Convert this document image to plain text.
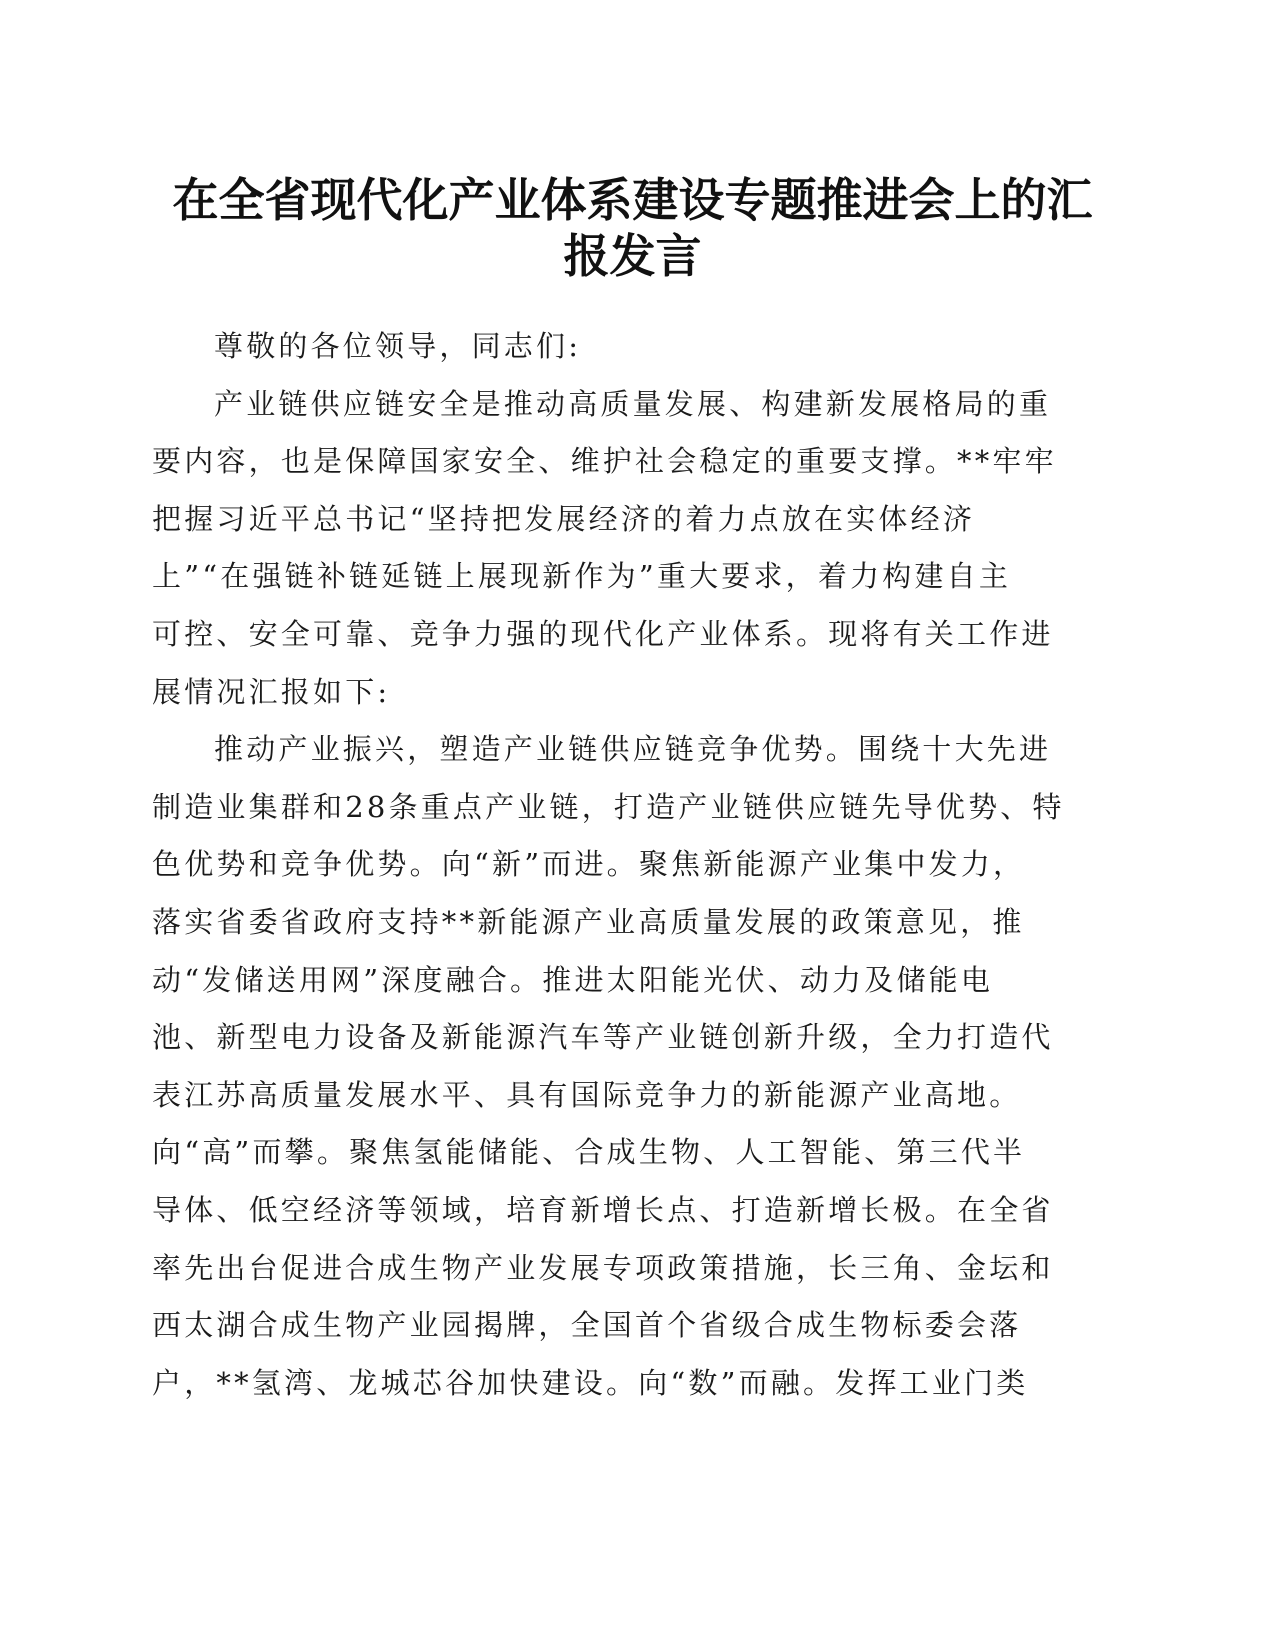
在全省现代化产业体系建设专题推进会上的汇
报发言
尊敬的各位领导，同志们:
产业链供应链安全是推动高质量发展、构建新发展格局的重
要内容，也是保障国家安全、维护社会稳定的重要支撑。**牢牢
把握习近平总书记“坚持把发展经济的着力点放在实体经济
上”“在强链补链延链上展现新作为”重大要求，着力构建自主
可控、安全可靠、竞争力强的现代化产业体系。现将有关工作进
展情况汇报如下:
推动产业振兴，塑造产业链供应链竞争优势。围绕十大先进
制造业集群和28条重点产业链，打造产业链供应链先导优势、特
色优势和竞争优势。向“新”而进。聚焦新能源产业集中发力，
落实省委省政府支持**新能源产业高质量发展的政策意见，推
动“发储送用网”深度融合。推进太阳能光伏、动力及储能电
池、新型电力设备及新能源汽车等产业链创新升级，全力打造代
表江苏高质量发展水平、具有国际竞争力的新能源产业高地。
向“高”而攀。聚焦氢能储能、合成生物、人工智能、第三代半
导体、低空经济等领域，培育新增长点、打造新增长极。在全省
率先出台促进合成生物产业发展专项政策措施，长三角、金坛和
西太湖合成生物产业园揭牌，全国首个省级合成生物标委会落
户，**氢湾、龙城芯谷加快建设。向“数”而融。发挥工业门类
